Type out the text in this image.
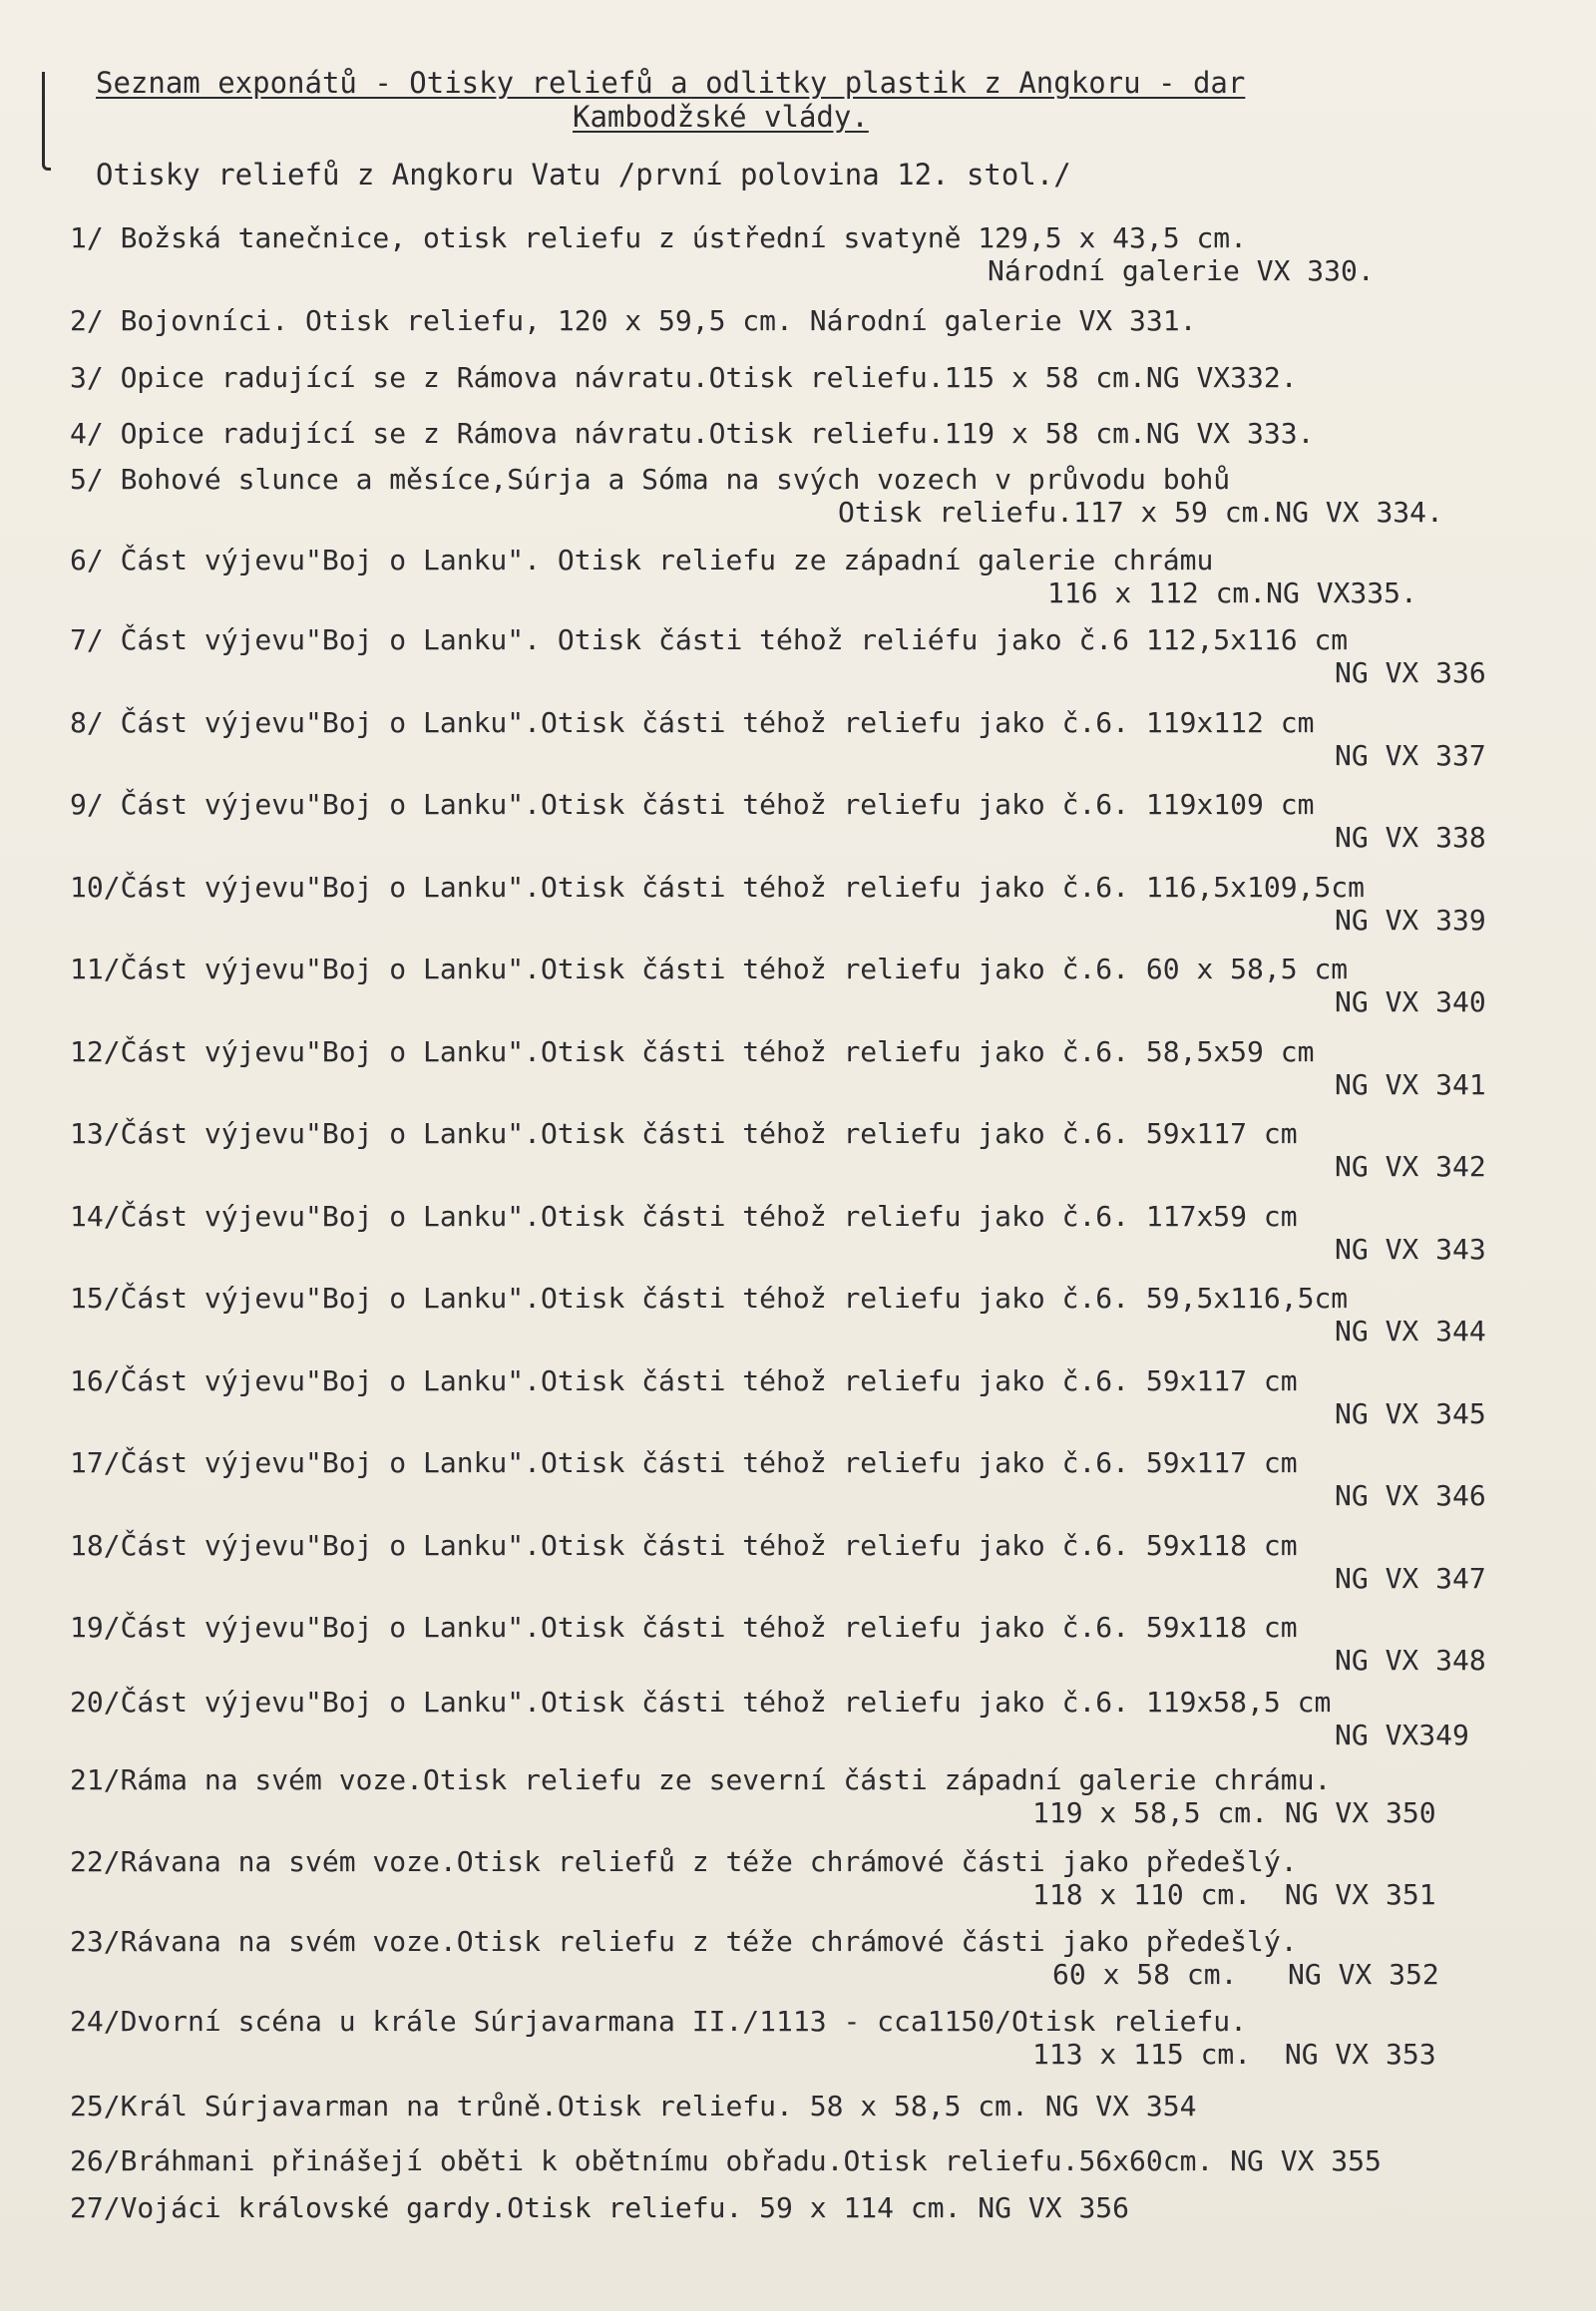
Seznam exponátů - Otisky reliefů a odlitky plastik z Angkoru - dar
Kambodžské vlády.
Otisky reliefů z Angkoru Vatu /první polovina 12. stol./
1/ Božská tanečnice, otisk reliefu z ústřední svatyně 129,5 x 43,5 cm.
Národní galerie VX 330.
2/ Bojovníci. Otisk reliefu, 120 x 59,5 cm. Národní galerie VX 331.
3/ Opice radující se z Rámova návratu.Otisk reliefu.115 x 58 cm.NG VX332.
4/ Opice radující se z Rámova návratu.Otisk reliefu.119 x 58 cm.NG VX 333.
5/ Bohové slunce a měsíce,Súrja a Sóma na svých vozech v průvodu bohů
Otisk reliefu.117 x 59 cm.NG VX 334.
6/ Část výjevu"Boj o Lanku". Otisk reliefu ze západní galerie chrámu
116 x 112 cm.NG VX335.
7/ Část výjevu"Boj o Lanku". Otisk části téhož reliéfu jako č.6 112,5x116 cm
NG VX 336
8/ Část výjevu"Boj o Lanku".Otisk části téhož reliefu jako č.6. 119x112 cm
NG VX 337
9/ Část výjevu"Boj o Lanku".Otisk části téhož reliefu jako č.6. 119x109 cm
NG VX 338
10/Část výjevu"Boj o Lanku".Otisk části téhož reliefu jako č.6. 116,5x109,5cm
NG VX 339
11/Část výjevu"Boj o Lanku".Otisk části téhož reliefu jako č.6. 60 x 58,5 cm
NG VX 340
12/Část výjevu"Boj o Lanku".Otisk části téhož reliefu jako č.6. 58,5x59 cm
NG VX 341
13/Část výjevu"Boj o Lanku".Otisk části téhož reliefu jako č.6. 59x117 cm
NG VX 342
14/Část výjevu"Boj o Lanku".Otisk části téhož reliefu jako č.6. 117x59 cm
NG VX 343
15/Část výjevu"Boj o Lanku".Otisk části téhož reliefu jako č.6. 59,5x116,5cm
NG VX 344
16/Část výjevu"Boj o Lanku".Otisk části téhož reliefu jako č.6. 59x117 cm
NG VX 345
17/Část výjevu"Boj o Lanku".Otisk části téhož reliefu jako č.6. 59x117 cm
NG VX 346
18/Část výjevu"Boj o Lanku".Otisk části téhož reliefu jako č.6. 59x118 cm
NG VX 347
19/Část výjevu"Boj o Lanku".Otisk části téhož reliefu jako č.6. 59x118 cm
NG VX 348
20/Část výjevu"Boj o Lanku".Otisk části téhož reliefu jako č.6. 119x58,5 cm
NG VX349
21/Ráma na svém voze.Otisk reliefu ze severní části západní galerie chrámu.
119 x 58,5 cm. NG VX 350
22/Rávana na svém voze.Otisk reliefů z téže chrámové části jako předešlý.
118 x 110 cm.  NG VX 351
23/Rávana na svém voze.Otisk reliefu z téže chrámové části jako předešlý.
60 x 58 cm.   NG VX 352
24/Dvorní scéna u krále Súrjavarmana II./1113 - cca1150/Otisk reliefu.
113 x 115 cm.  NG VX 353
25/Král Súrjavarman na trůně.Otisk reliefu. 58 x 58,5 cm. NG VX 354
26/Bráhmani přinášejí oběti k obětnímu obřadu.Otisk reliefu.56x60cm. NG VX 355
27/Vojáci královské gardy.Otisk reliefu. 59 x 114 cm. NG VX 356
